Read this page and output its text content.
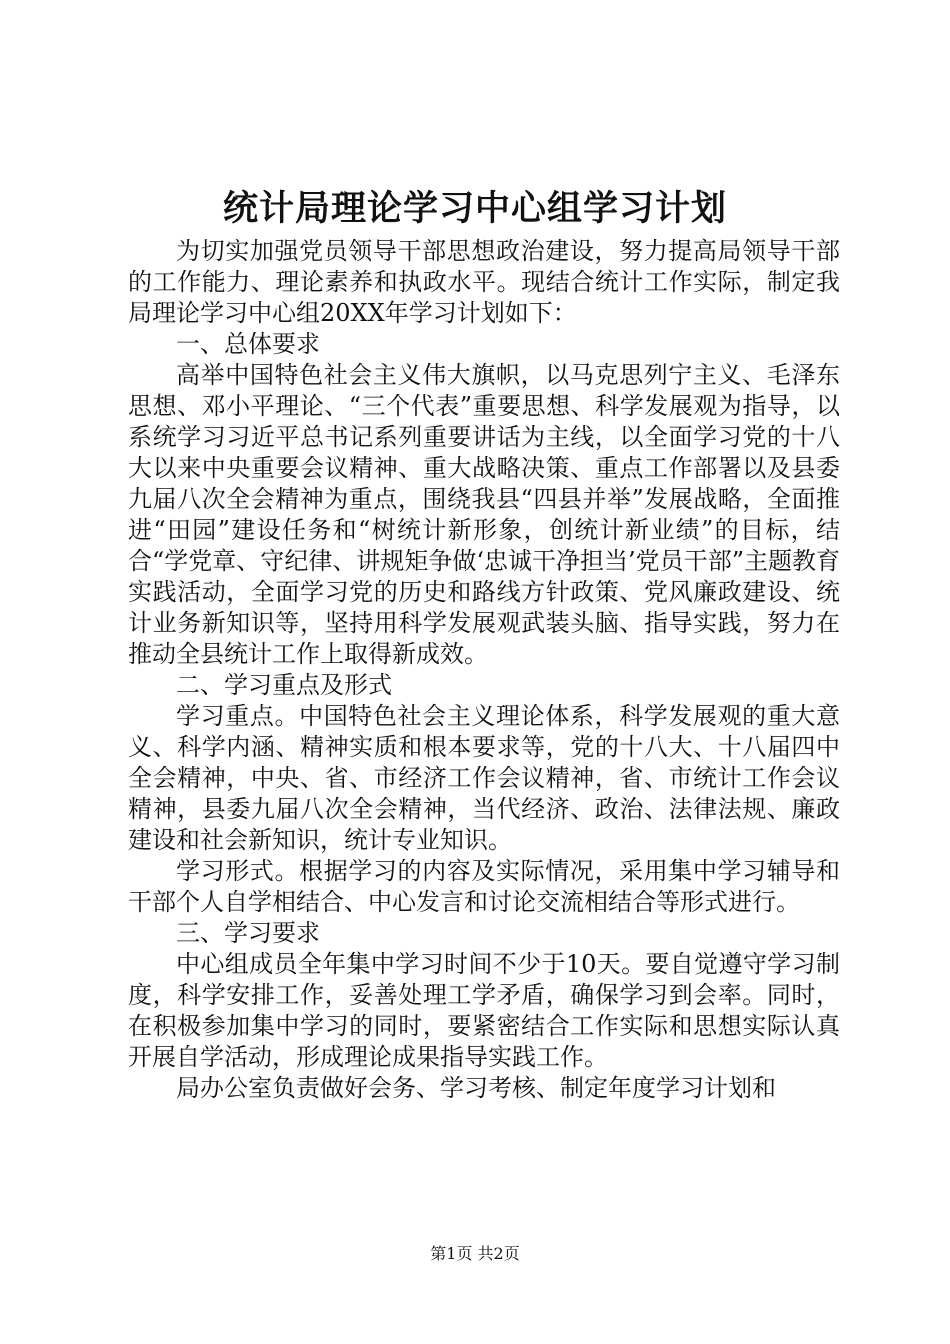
统计局理论学习中心组学习计划

为切实加强党员领导干部思想政治建设，努力提高局领导干部的工作能力、理论素养和执政水平。现结合统计工作实际，制定我局理论学习中心组20XX年学习计划如下：

一、总体要求

高举中国特色社会主义伟大旗帜，以马克思列宁主义、毛泽东思想、邓小平理论、“三个代表”重要思想、科学发展观为指导，以系统学习习近平总书记系列重要讲话为主线，以全面学习党的十八大以来中央重要会议精神、重大战略决策、重点工作部署以及县委九届八次全会精神为重点，围绕我县“四县并举”发展战略，全面推进“田园”建设任务和“树统计新形象，创统计新业绩”的目标，结合“学党章、守纪律、讲规矩争做‘忠诚干净担当’党员干部”主题教育实践活动，全面学习党的历史和路线方针政策、党风廉政建设、统计业务新知识等，坚持用科学发展观武装头脑、指导实践，努力在推动全县统计工作上取得新成效。

二、学习重点及形式

学习重点。中国特色社会主义理论体系，科学发展观的重大意义、科学内涵、精神实质和根本要求等，党的十八大、十八届四中全会精神，中央、省、市经济工作会议精神，省、市统计工作会议精神，县委九届八次全会精神，当代经济、政治、法律法规、廉政建设和社会新知识，统计专业知识。

学习形式。根据学习的内容及实际情况，采用集中学习辅导和干部个人自学相结合、中心发言和讨论交流相结合等形式进行。

三、学习要求

中心组成员全年集中学习时间不少于10天。要自觉遵守学习制度，科学安排工作，妥善处理工学矛盾，确保学习到会率。同时，在积极参加集中学习的同时，要紧密结合工作实际和思想实际认真开展自学活动，形成理论成果指导实践工作。

局办公室负责做好会务、学习考核、制定年度学习计划和

第1页 共2页
